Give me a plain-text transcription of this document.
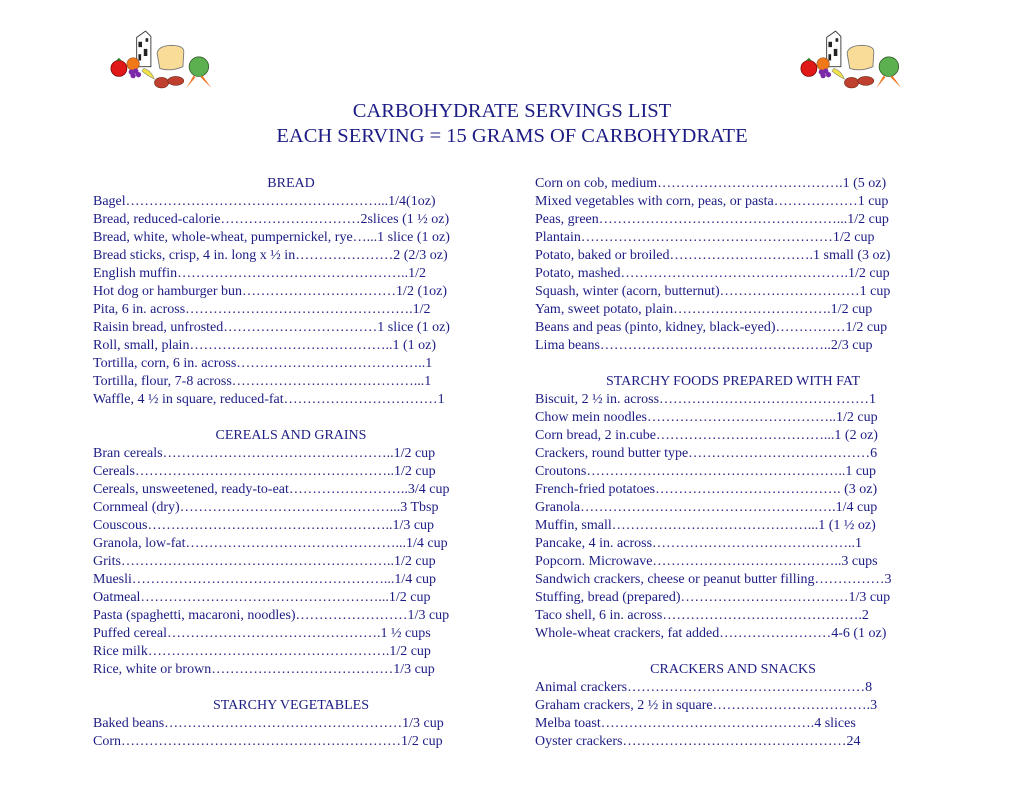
CARBOHYDRATE SERVINGS LIST
EACH SERVING = 15 GRAMS OF CARBOHYDRATE
BREAD
Bagel………………………………………………...1/4(1oz)
Bread, reduced-calorie…………………………2slices (1 ½ oz)
Bread, white, whole-wheat, pumpernickel, rye…...1 slice (1 oz)
Bread sticks, crisp, 4 in. long x ½ in…………………2 (2/3 oz)
English muffin…………………………………………..1/2
Hot dog or hamburger bun……………………………1/2 (1oz)
Pita, 6 in. across………………………………………….1/2
Raisin bread, unfrosted……………………………1 slice (1 oz)
Roll, small, plain……………………………………..1 (1 oz)
Tortilla, corn, 6 in. across…………………………………..1
Tortilla, flour, 7-8 across…………………………………...1
Waffle, 4 ½ in square, reduced-fat……………………………1
CEREALS AND GRAINS
Bran cereals…………………………………………..1/2 cup
Cereals………………………………………………..1/2 cup
Cereals, unsweetened, ready-to-eat……………………..3/4 cup
Cornmeal (dry)………………………………………...3 Tbsp
Couscous……………………………………………..1/3 cup
Granola, low-fat………………………………………...1/4 cup
Grits…………………………………………………..1/2 cup
Muesli………………………………………………...1/4 cup
Oatmeal……………………………………………...1/2 cup
Pasta (spaghetti, macaroni, noodles)……………………1/3 cup
Puffed cereal……………………………………….1 ½ cups
Rice milk…………………………………………….1/2 cup
Rice, white or brown…………………………………1/3 cup
STARCHY VEGETABLES
Baked beans……………………………………………1/3 cup
Corn……………………………………………………1/2 cup
Corn on cob, medium………………………………….1 (5 oz)
Mixed vegetables with corn, peas, or pasta………………1 cup
Peas, green……………………………………………...1/2 cup
Plantain………………………………………………1/2 cup
Potato, baked or broiled………………………….1 small (3 oz)
Potato, mashed………………………………………….1/2 cup
Squash, winter (acorn, butternut)…………………………1 cup
Yam, sweet potato, plain…………………………….1/2 cup
Beans and peas (pinto, kidney, black-eyed)……………1/2 cup
Lima beans…………………………………………..2/3 cup
STARCHY FOODS PREPARED WITH FAT
Biscuit, 2 ½ in. across………………………………………1
Chow mein noodles…………………………………..1/2 cup
Corn bread, 2 in.cube………………………………...1 (2 oz)
Crackers, round butter type…………………………………6
Croutons………………………………………………..1 cup
French-fried potatoes…………………………………. (3 oz)
Granola……………………………………………….1/4 cup
Muffin, small……………………………………...1 (1 ½ oz)
Pancake, 4 in. across……………………………………..1
Popcorn. Microwave…………………………………..3 cups
Sandwich crackers, cheese or peanut butter filling……………3
Stuffing, bread (prepared)………………………………1/3 cup
Taco shell, 6 in. across…………………………………….2
Whole-wheat crackers, fat added……………………4-6 (1 oz)
CRACKERS AND SNACKS
Animal crackers……………………………………………8
Graham crackers, 2 ½ in square…………………………….3
Melba toast……………………………………….4 slices
Oyster crackers…………………………………………24
